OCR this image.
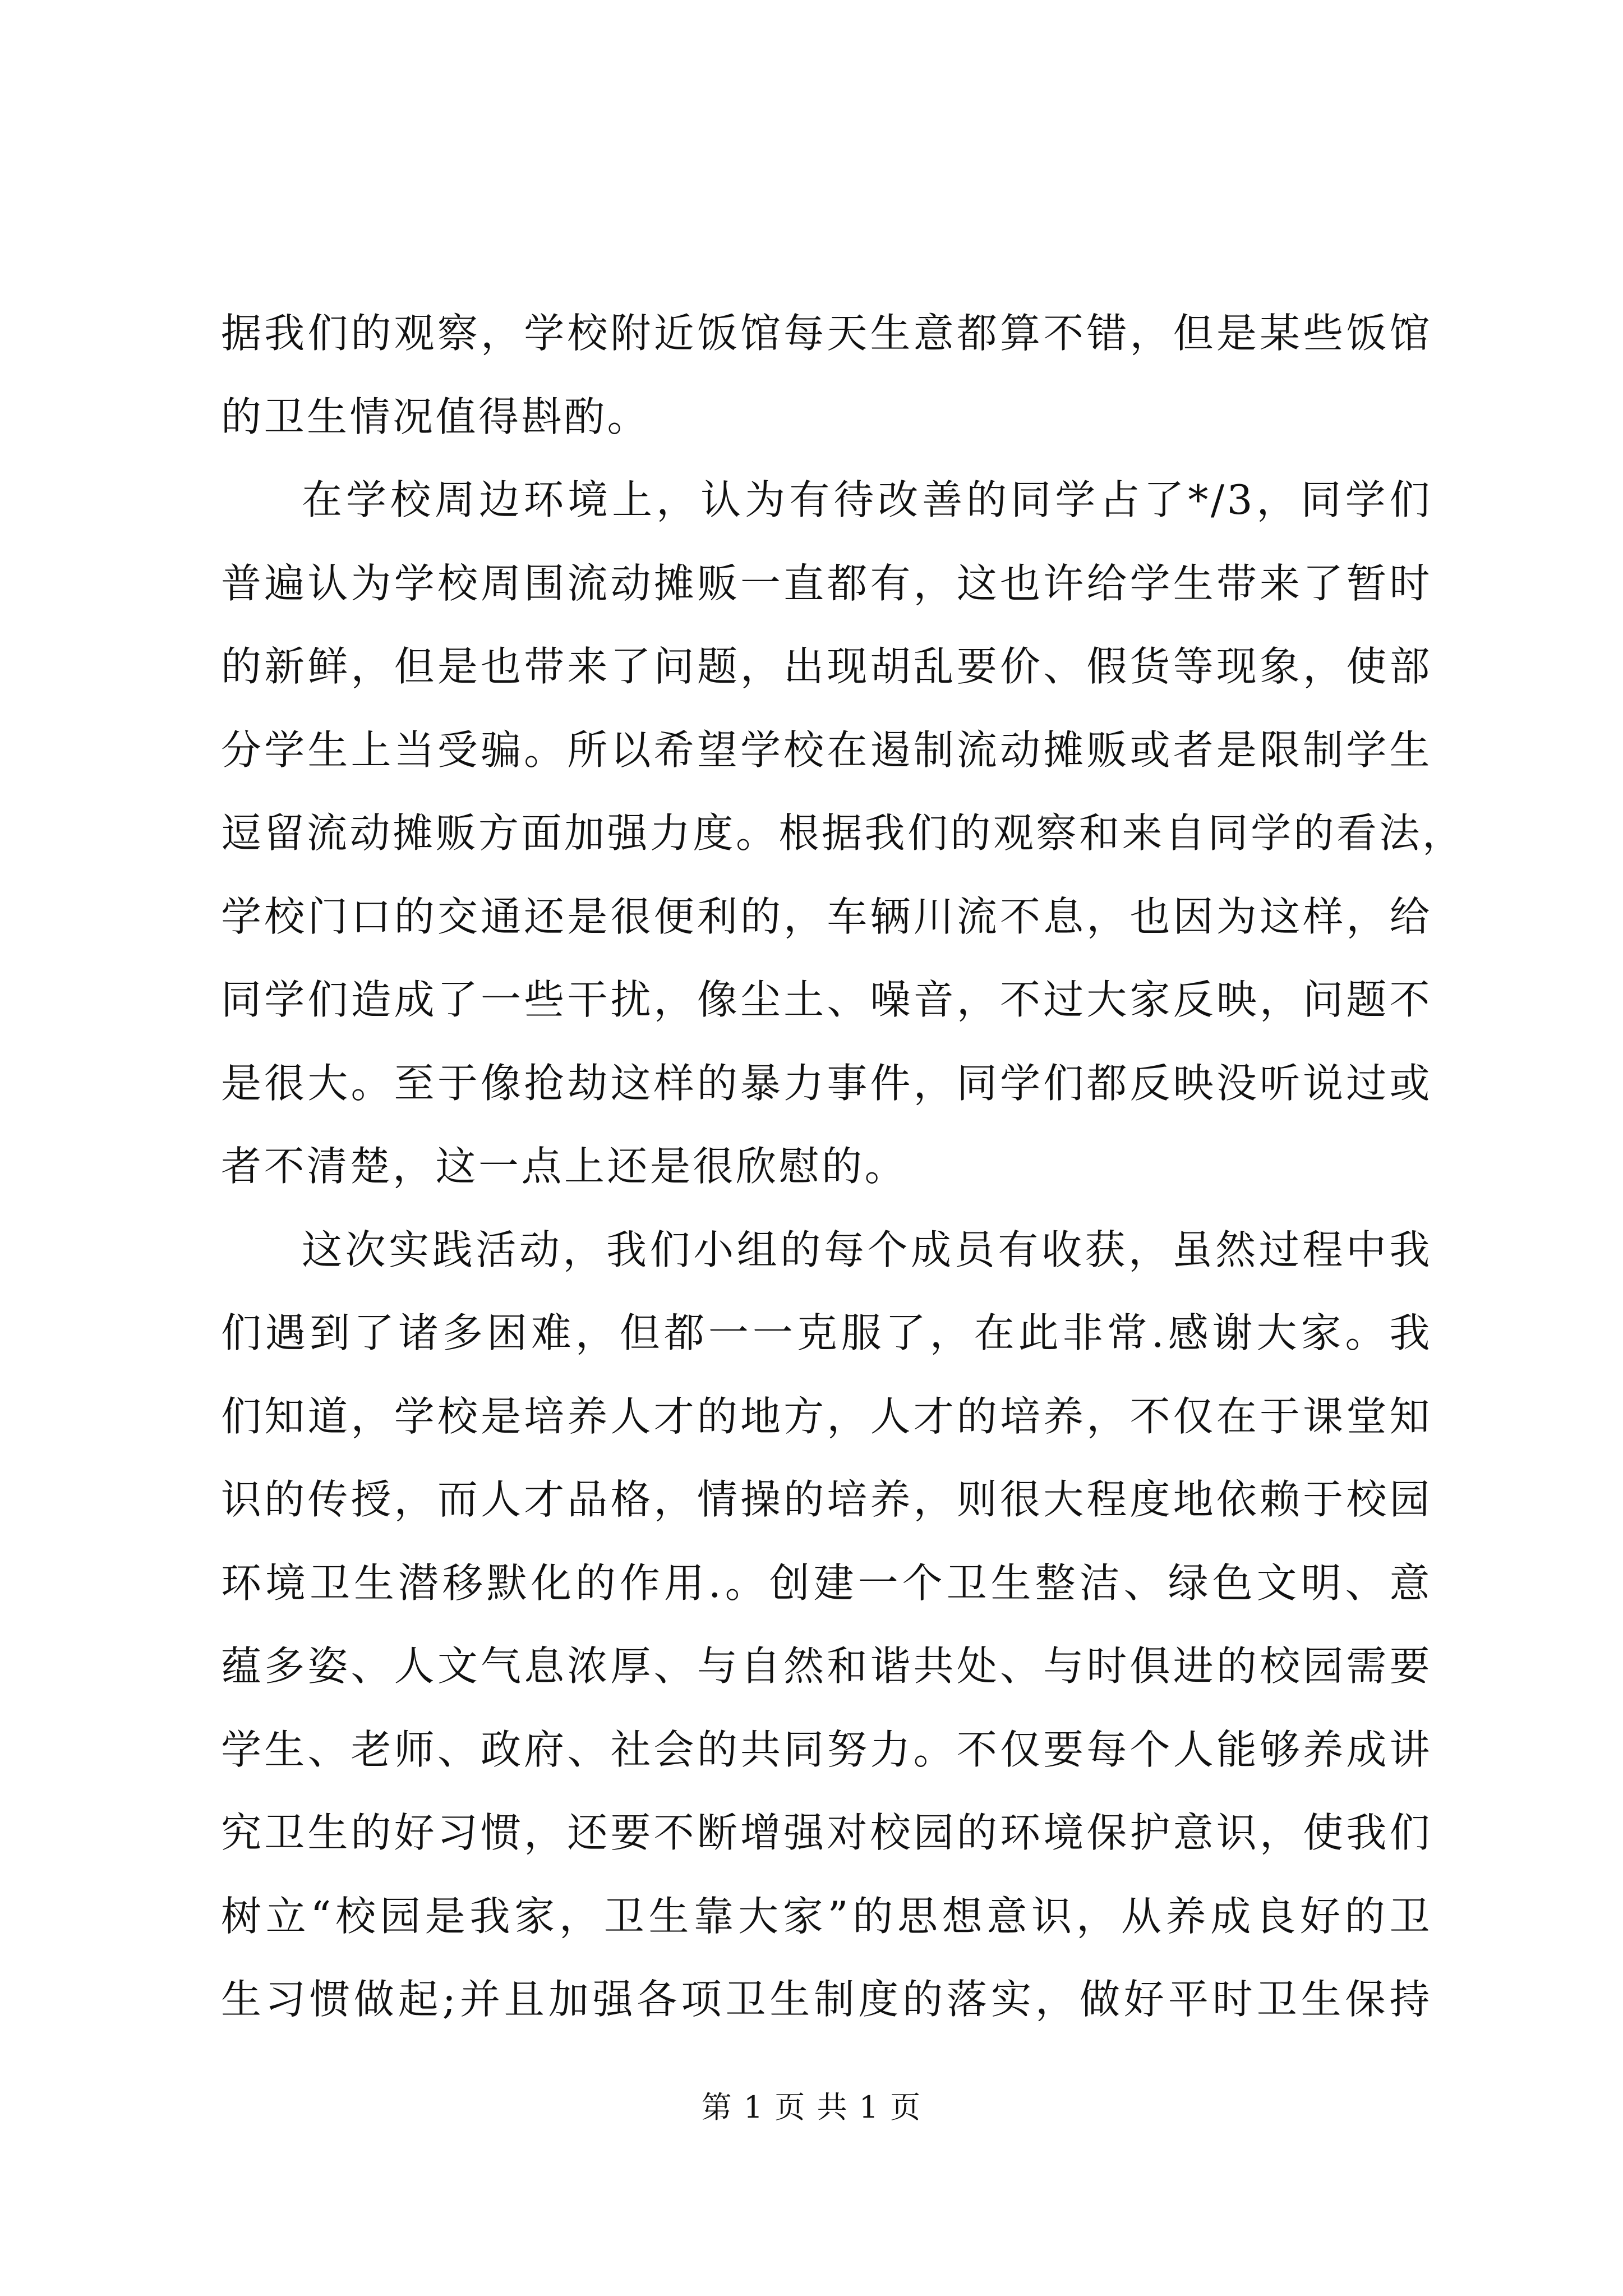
据我们的观察，学校附近饭馆每天生意都算不错，但是某些饭馆
的卫生情况值得斟酌。
在学校周边环境上，认为有待改善的同学占了*/3，同学们
普遍认为学校周围流动摊贩一直都有，这也许给学生带来了暂时
的新鲜，但是也带来了问题，出现胡乱要价、假货等现象，使部
分学生上当受骗。所以希望学校在遏制流动摊贩或者是限制学生
逗留流动摊贩方面加强力度。根据我们的观察和来自同学的看法，
学校门口的交通还是很便利的，车辆川流不息，也因为这样，给
同学们造成了一些干扰，像尘土、噪音，不过大家反映，问题不
是很大。至于像抢劫这样的暴力事件，同学们都反映没听说过或
者不清楚，这一点上还是很欣慰的。
这次实践活动，我们小组的每个成员有收获，虽然过程中我
们遇到了诸多困难，但都一一克服了，在此非常.感谢大家。我
们知道，学校是培养人才的地方，人才的培养，不仅在于课堂知
识的传授，而人才品格，情操的培养，则很大程度地依赖于校园
环境卫生潜移默化的作用.。创建一个卫生整洁、绿色文明、意
蕴多姿、人文气息浓厚、与自然和谐共处、与时俱进的校园需要
学生、老师、政府、社会的共同努力。不仅要每个人能够养成讲
究卫生的好习惯，还要不断增强对校园的环境保护意识，使我们
树立“校园是我家，卫生靠大家”的思想意识，从养成良好的卫
生习惯做起;并且加强各项卫生制度的落实，做好平时卫生保持
第 1 页 共 1 页
